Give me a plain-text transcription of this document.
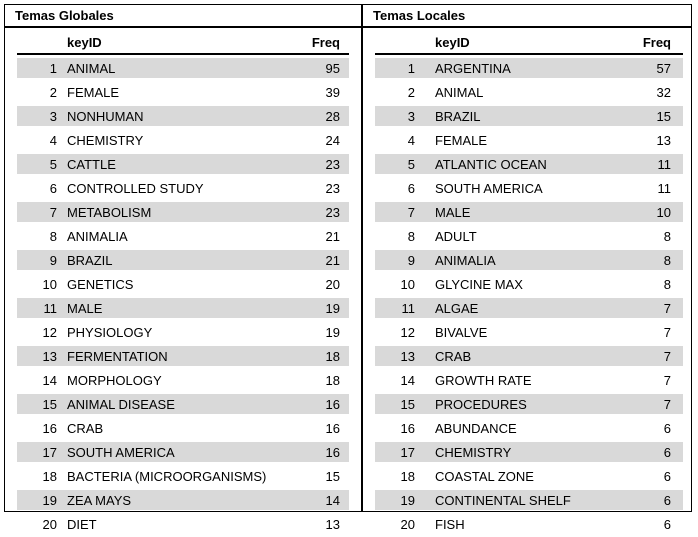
Temas Globales
keyID	Freq
1 ANIMAL	95
2 FEMALE	39
3 NONHUMAN	28
4 CHEMISTRY	24
5 CATTLE	23
6 CONTROLLED STUDY	23
7 METABOLISM	23
8 ANIMALIA	21
9 BRAZIL	21
10 GENETICS	20
11 MALE	19
12 PHYSIOLOGY	19
13 FERMENTATION	18
14 MORPHOLOGY	18
15 ANIMAL DISEASE	16
16 CRAB	16
17 SOUTH AMERICA	16
18 BACTERIA (MICROORGANISMS)	15
19 ZEA MAYS	14
20 DIET	13
Temas Locales
keyID	Freq
1 ARGENTINA	57
2 ANIMAL	32
3 BRAZIL	15
4 FEMALE	13
5 ATLANTIC OCEAN	11
6 SOUTH AMERICA	11
7 MALE	10
8 ADULT	8
9 ANIMALIA	8
10 GLYCINE MAX	8
11 ALGAE	7
12 BIVALVE	7
13 CRAB	7
14 GROWTH RATE	7
15 PROCEDURES	7
16 ABUNDANCE	6
17 CHEMISTRY	6
18 COASTAL ZONE	6
19 CONTINENTAL SHELF	6
20 FISH	6
